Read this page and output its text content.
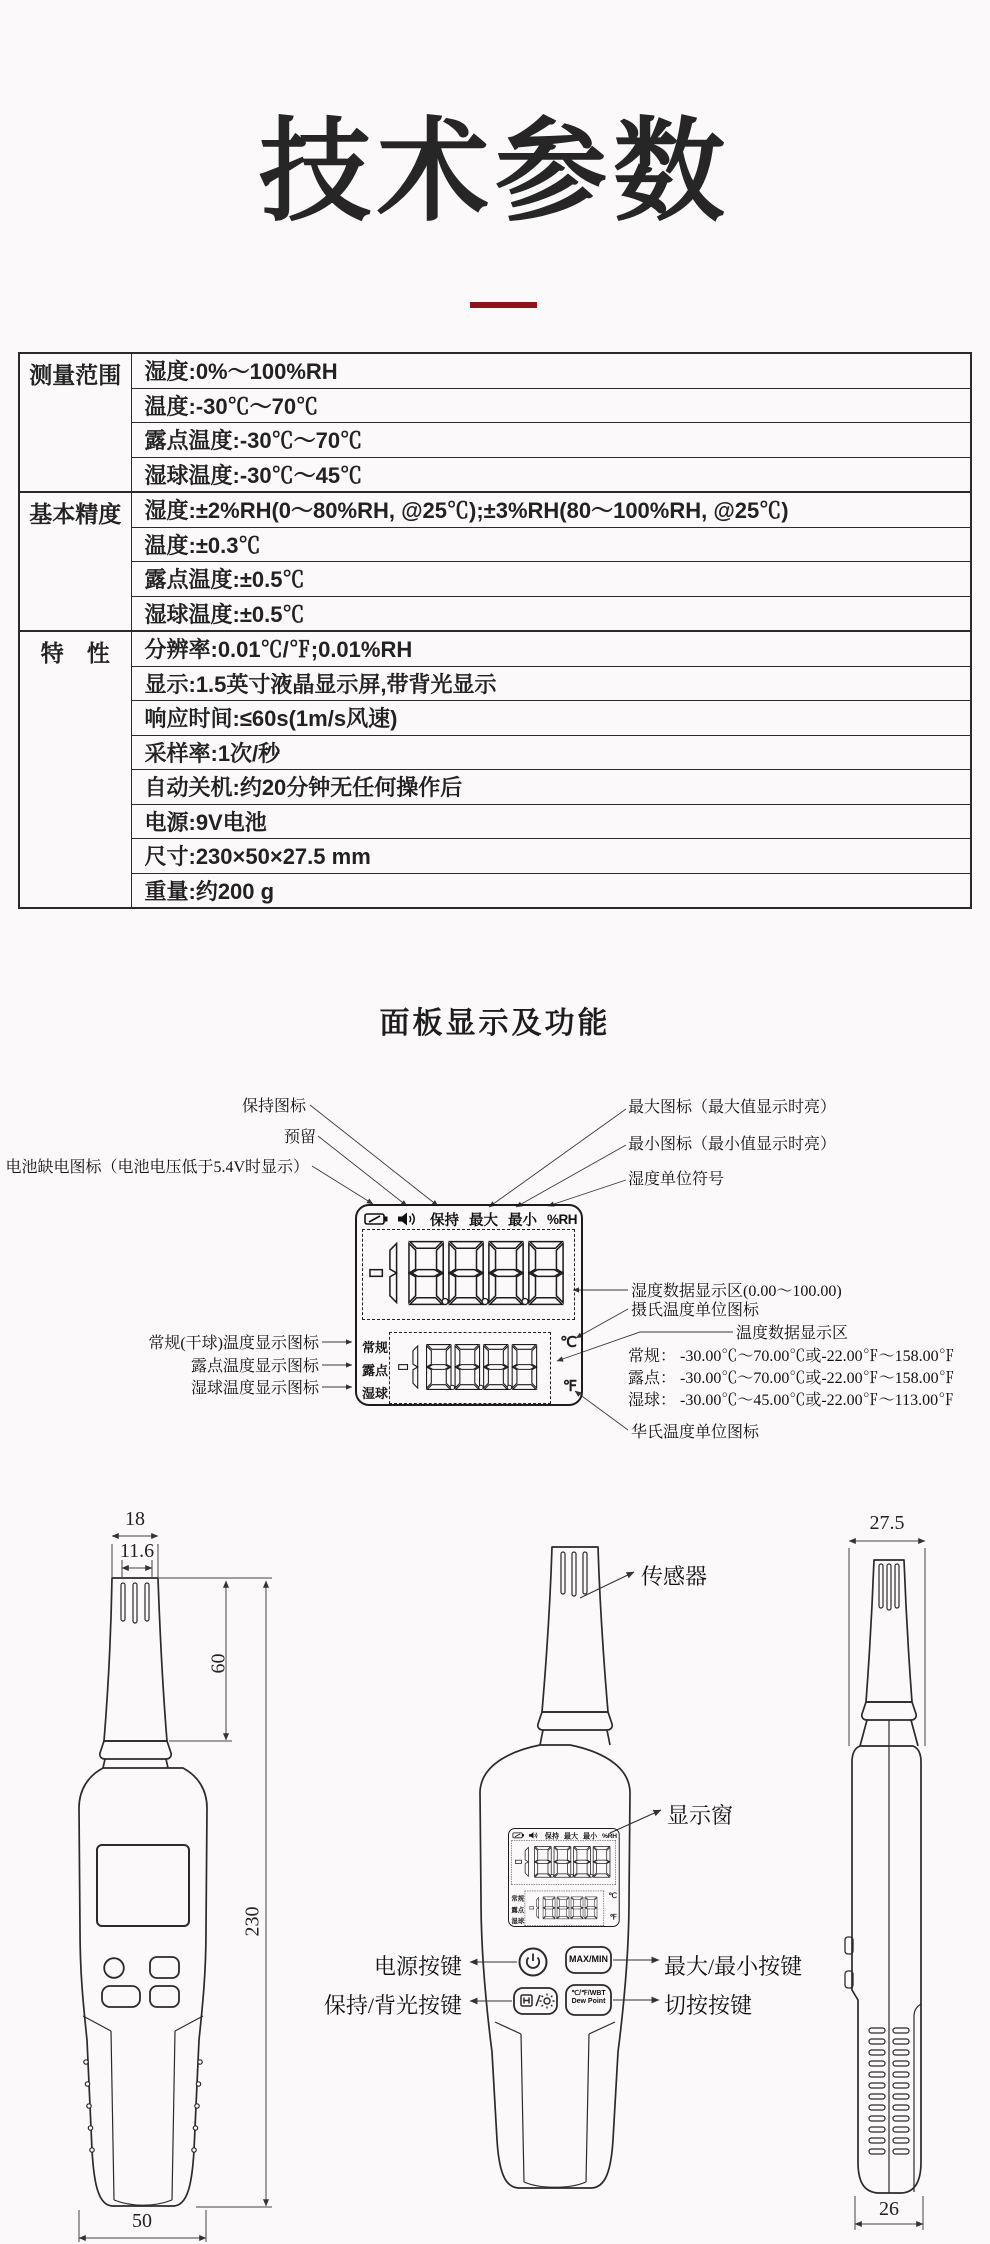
技术参数
测量范围	湿度:0%～100%RH
	温度:-30℃～70℃
	露点温度:-30℃～70℃
	湿球温度:-30℃～45℃
基本精度	湿度:±2%RH(0～80%RH, @25℃);±3%RH(80～100%RH, @25℃)
	温度:±0.3℃
	露点温度:±0.5℃
	湿球温度:±0.5℃
特　性	分辨率:0.01℃/℉;0.01%RH
	显示:1.5英寸液晶显示屏,带背光显示
	响应时间:≤60s(1m/s风速)
	采样率:1次/秒
	自动关机:约20分钟无任何操作后
	电源:9V电池
	尺寸:230×50×27.5 mm
	重量:约200 g
面板显示及功能
保持 最大 最小 %RH
常规
露点
湿球
℃
℉
保持 最大 最小 %RH
常规
露点
湿球
℃
℉
保持图标
预留
电池缺电图标（电池电压低于5.4V时显示）
常规(干球)温度显示图标
露点温度显示图标
湿球温度显示图标
最大图标（最大值显示时亮）
最小图标（最小值显示时亮）
湿度单位符号
湿度数据显示区(0.00～100.00)
摄氏温度单位图标
温度数据显示区
常规： -30.00℃～70.00℃或-22.00℉～158.00℉
露点： -30.00℃～70.00℃或-22.00℉～158.00℉
湿球： -30.00℃～45.00℃或-22.00℉～113.00℉
华氏温度单位图标
18
11.6
60
230
50
27.5
26
传感器
显示窗
电源按键
保持/背光按键
最大/最小按键
切按按键
MAX/MIN
℃/℉/WBT
Dew Point
